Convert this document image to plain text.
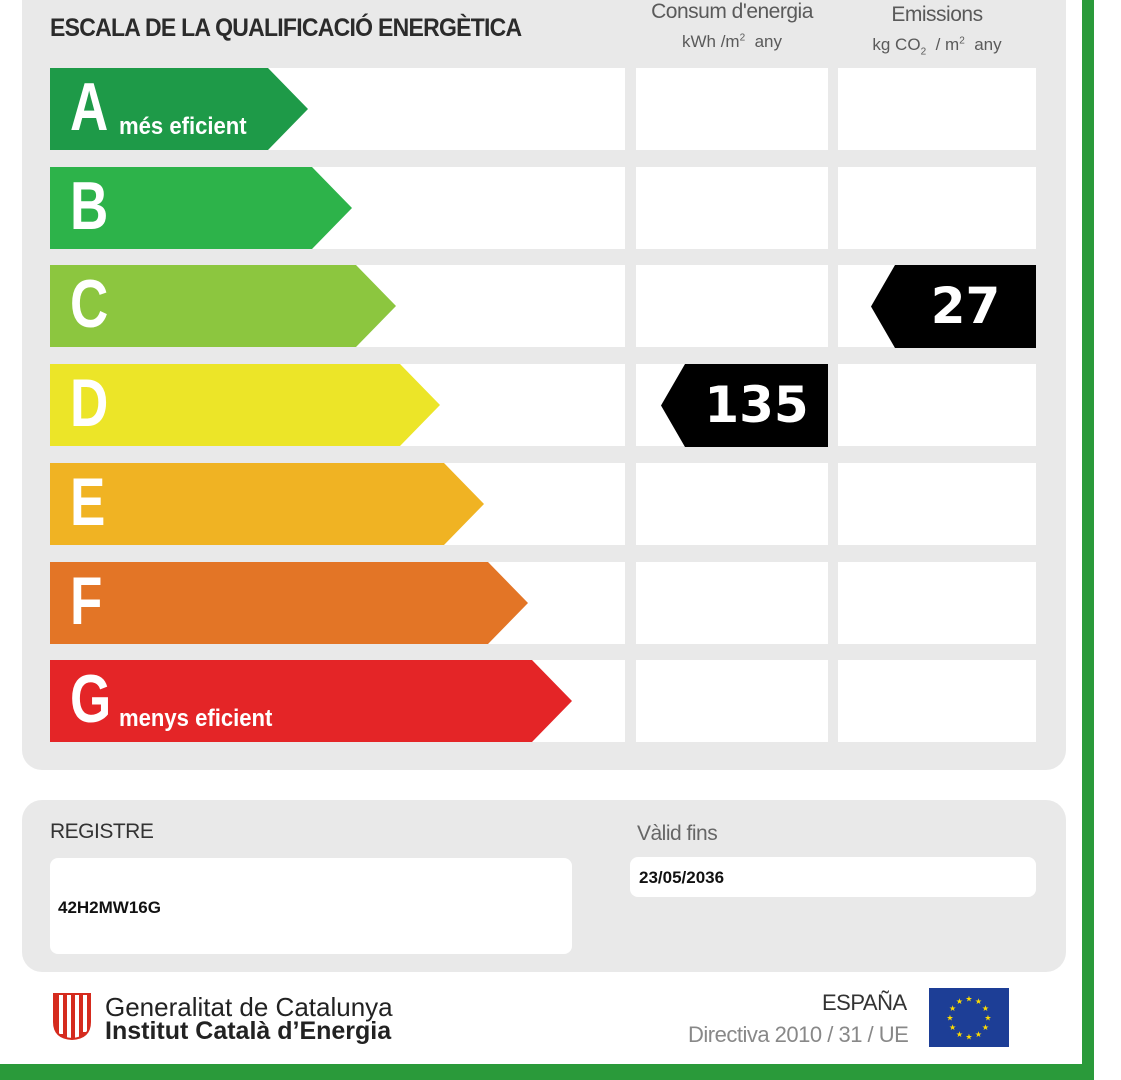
ESCALA DE LA QUALIFICACIÓ ENERGÈTICA
Consum d'energia
kWh $/m^2$ any
Emissions
kg $CO_2 / m^2$ any
A més eficient
B
C
D
E
F
G menys eficient
135
27
REGISTRE
42H2MW16G
Vàlid fins
23/05/2036
Generalitat de Catalunya
Institut Català d’Energia
ESPAÑA
Directiva 2010 / 31 / UE
★ ★
★
★
★
★
★
★
★
★
★
★
